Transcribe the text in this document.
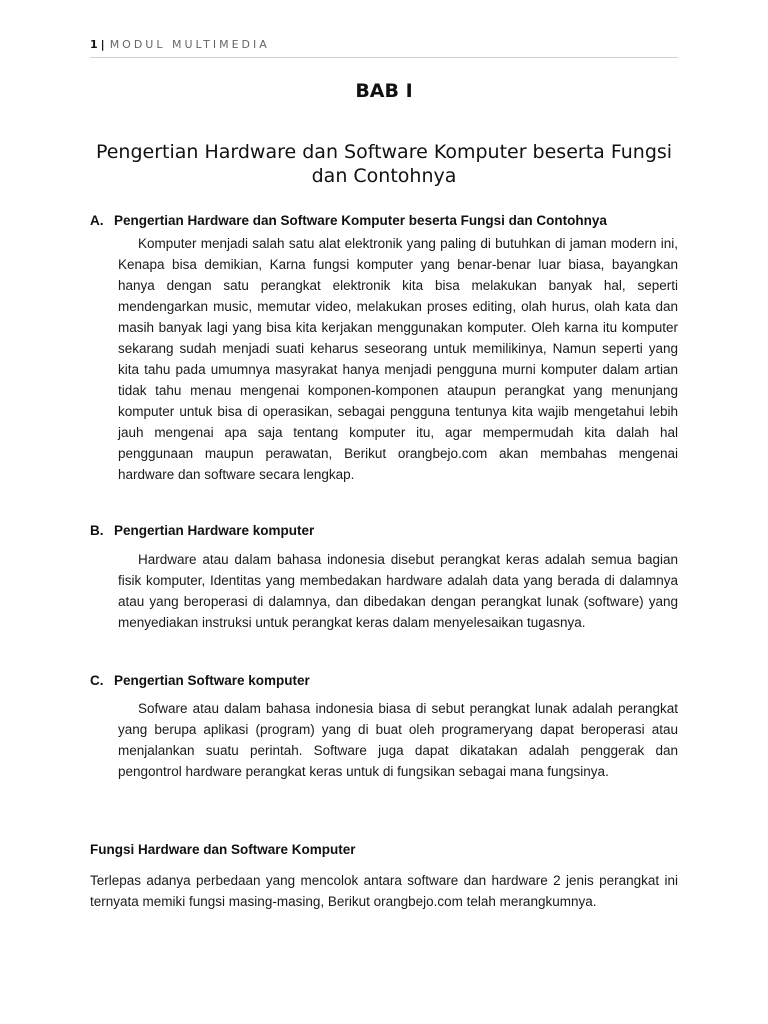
1 | MODUL MULTIMEDIA
BAB I
Pengertian Hardware dan Software Komputer beserta Fungsi dan Contohnya
A. Pengertian Hardware dan Software Komputer beserta Fungsi dan Contohnya

Komputer menjadi salah satu alat elektronik yang paling di butuhkan di jaman modern ini, Kenapa bisa demikian, Karna fungsi komputer yang benar-benar luar biasa, bayangkan hanya dengan satu perangkat elektronik kita bisa melakukan banyak hal, seperti mendengarkan music, memutar video, melakukan proses editing, olah hurus, olah kata dan masih banyak lagi yang bisa kita kerjakan menggunakan komputer. Oleh karna itu komputer sekarang sudah menjadi suati keharus seseorang untuk memilikinya, Namun seperti yang kita tahu pada umumnya masyrakat hanya menjadi pengguna murni komputer dalam artian tidak tahu menau mengenai komponen-komponen ataupun perangkat yang menunjang komputer untuk bisa di operasikan, sebagai pengguna tentunya kita wajib mengetahui lebih jauh mengenai apa saja tentang komputer itu, agar mempermudah kita dalah hal penggunaan maupun perawatan, Berikut orangbejo.com akan membahas mengenai hardware dan software secara lengkap.

B. Pengertian Hardware komputer

Hardware atau dalam bahasa indonesia disebut perangkat keras adalah semua bagian fisik komputer, Identitas yang membedakan hardware adalah data yang berada di dalamnya atau yang beroperasi di dalamnya, dan dibedakan dengan perangkat lunak (software) yang menyediakan instruksi untuk perangkat keras dalam menyelesaikan tugasnya.

C. Pengertian Software komputer

Sofware atau dalam bahasa indonesia biasa di sebut perangkat lunak adalah perangkat yang berupa aplikasi (program) yang di buat oleh programeryang dapat beroperasi atau menjalankan suatu perintah. Software juga dapat dikatakan adalah penggerak dan pengontrol hardware perangkat keras untuk di fungsikan sebagai mana fungsinya.

Fungsi Hardware dan Software Komputer

Terlepas adanya perbedaan yang mencolok antara software dan hardware 2 jenis perangkat ini ternyata memiki fungsi masing-masing, Berikut orangbejo.com telah merangkumnya.
